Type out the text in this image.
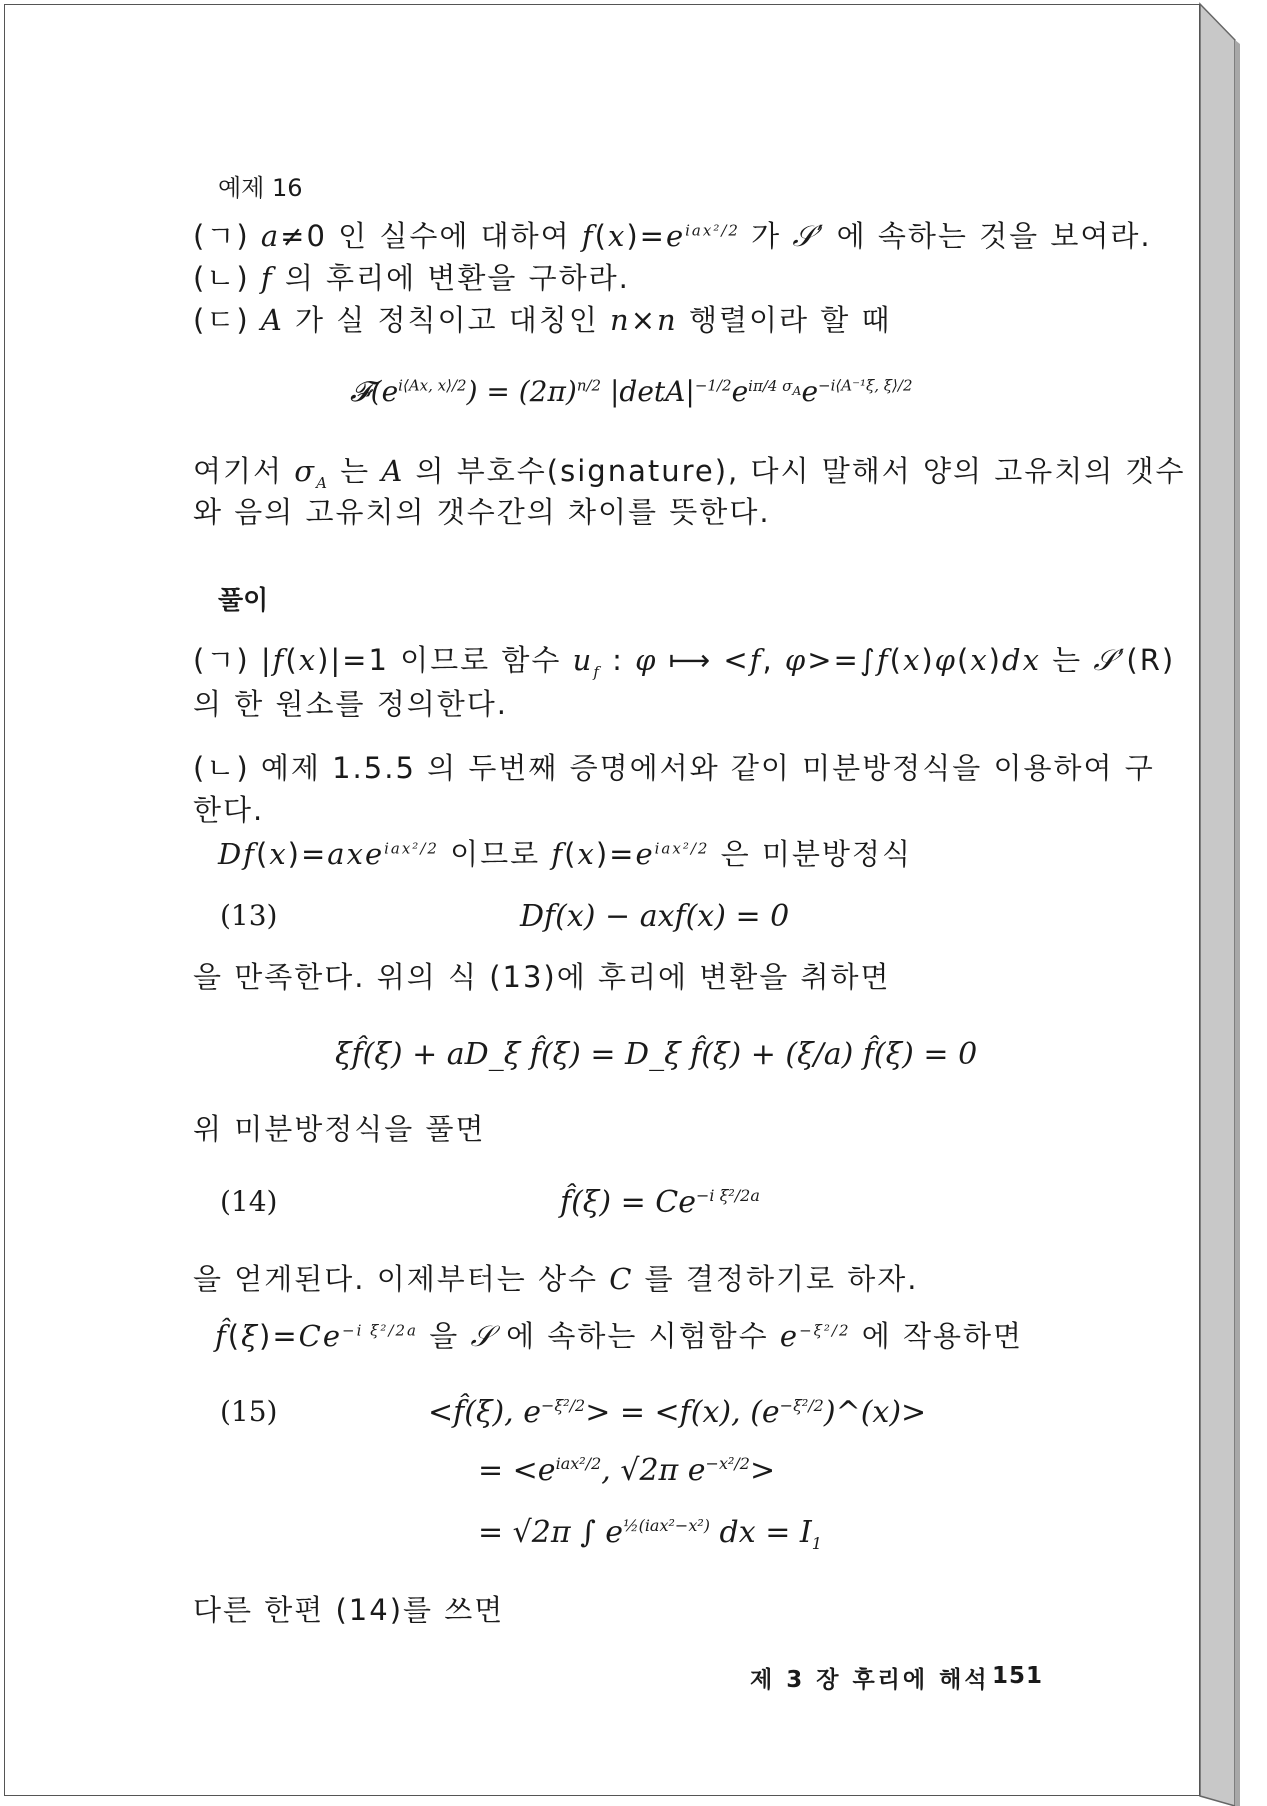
예제 16
(ㄱ) a≠0 인 실수에 대하여 $f(x)=e^{iax^2/2}$ 가 𝒮′ 에 속하는 것을 보여라.
(ㄴ) f 의 후리에 변환을 구하라.
(ㄷ) A 가 실 정칙이고 대칭인 n×n 행렬이라 할 때
$𝓕(e^{i⟨Ax, x⟩/2}) = (2\pi)^{n/2}$ $|\det A|^{-1/2}e^{i\pi/4 \sigma_A}e^{-i⟨A^{-1}\xi, \xi⟩/2}$
여기서 $\sigma_A$ 는 A 의 부호수(signature), 다시 말해서 양의 고유치의 갯수
와 음의 고유치의 갯수간의 차이를 뜻한다.
풀이
(ㄱ) |f(x)|=1 이므로 함수 $u_f$ : φ ⟼ <f, φ>=∫f(x)φ(x)dx 는 𝒮′(R)
의 한 원소를 정의한다.
(ㄴ) 예제 1.5.5 의 두번째 증명에서와 같이 미분방정식을 이용하여 구
한다.
Df(x)=axe$^{iax^2/2}$ 이므로 $f(x)=e^{iax^2/2}$ 은 미분방정식
(13)	Df(x) − axf(x) = 0
을 만족한다. 위의 식 (13)에 후리에 변환을 취하면
ξf̂(ξ) + aD_ξ f̂(ξ) = D_ξ f̂(ξ) + (ξ/a) f̂(ξ) = 0
위 미분방정식을 풀면
(14)	f̂(ξ) = $Ce^{-i \xi^2/2a}$
을 얻게된다. 이제부터는 상수 C 를 결정하기로 하자.
$f̂(\xi)=Ce^{-i \xi^2/2a}$ 을 𝒮 에 속하는 시험함수 $e^{-\xi^2/2}$ 에 작용하면
(15)	<f̂(ξ), $e^{-\xi^2/2}> = <f(x)$, $(e^{-\xi^2/2})\^{}(x)>$
= $<e^{iax^2/2}$, √2π $e^{-x^2/2}>$
= √2π ∫ $e^{\frac{1}{2}(iax^2-x^2)}$ dx = $I_1$
다른 한편 (14)를 쓰면
제 3 장 후리에 해석 151
